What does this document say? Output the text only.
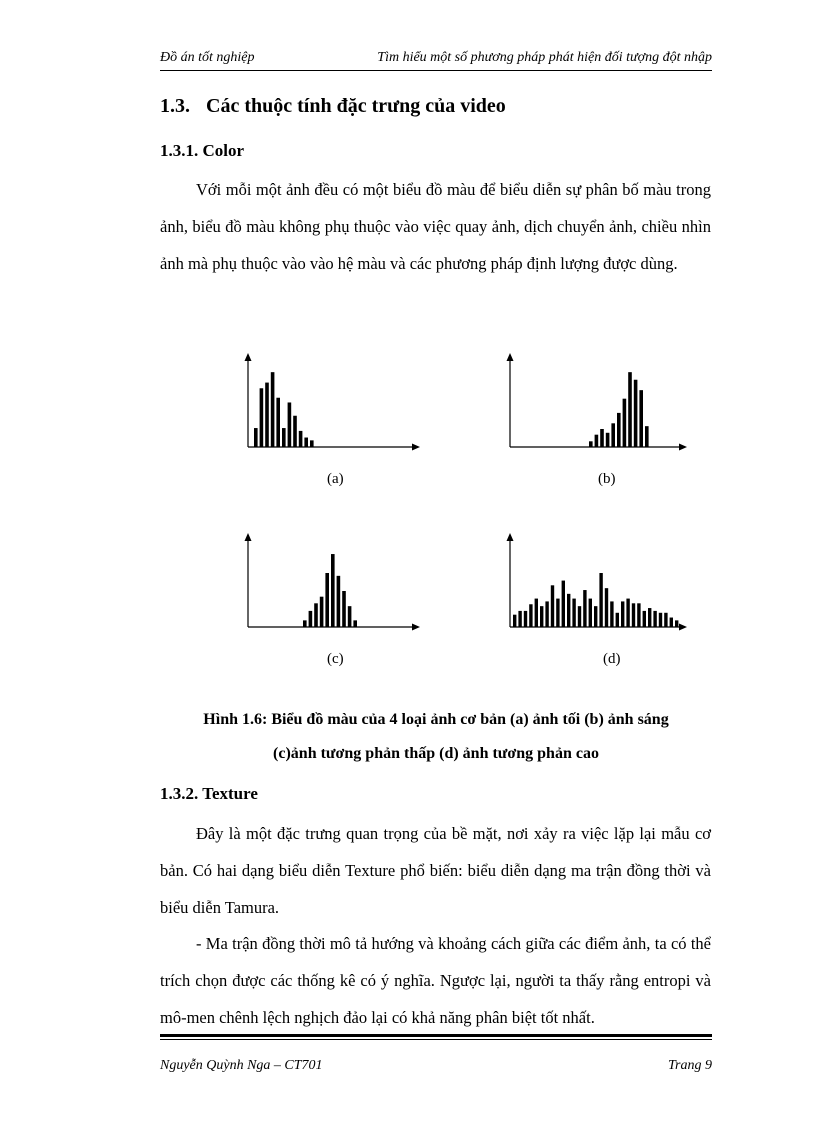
Đồ án tốt nghiệp	Tìm hiểu một số phương pháp phát hiện đối tượng đột nhập
1.3. Các thuộc tính đặc trưng của video
1.3.1. Color
Với mỗi một ảnh đều có một biểu đồ màu để biểu diễn sự phân bố màu trong ảnh, biểu đồ màu không phụ thuộc vào việc quay ảnh, dịch chuyển ảnh, chiều nhìn ảnh mà phụ thuộc vào vào hệ màu và các phương pháp định lượng được dùng.
(a)	(b)
(c)	(d)
Hình 1.6: Biểu đồ màu của 4 loại ảnh cơ bản (a) ảnh tối (b) ảnh sáng
(c)ảnh tương phản thấp (d) ảnh tương phản cao
1.3.2. Texture
Đây là một đặc trưng quan trọng của bề mặt, nơi xảy ra việc lặp lại mẫu cơ bản. Có hai dạng biểu diễn Texture phổ biến: biểu diễn dạng ma trận đồng thời và biểu diễn Tamura.
- Ma trận đồng thời mô tả hướng và khoảng cách giữa các điểm ảnh, ta có thể trích chọn được các thống kê có ý nghĩa. Ngược lại, người ta thấy rằng entropi và mô-men chênh lệch nghịch đảo lại có khả năng phân biệt tốt nhất.
Nguyễn Quỳnh Nga – CT701	Trang 9
